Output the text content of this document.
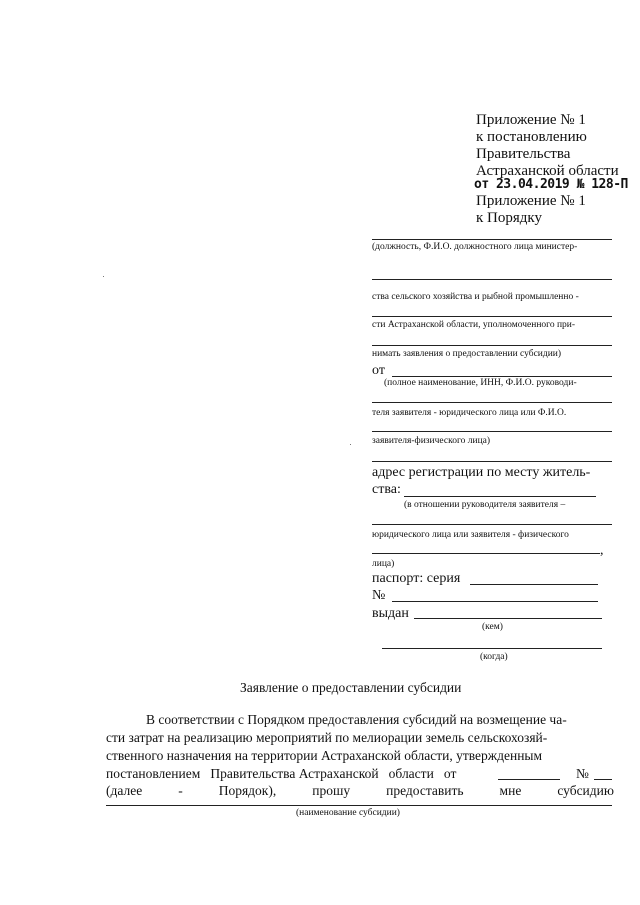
Приложение № 1
к постановлению
Правительства
Астраханской области
от 23.04.2019 № 128-П
Приложение № 1
к Порядку
(должность, Ф.И.О. должностного лица министер-
ства сельского хозяйства и рыбной промышленно -
сти Астраханской области, уполномоченного при-
нимать заявления о предоставлении субсидии)
от
(полное наименование, ИНН, Ф.И.О. руководи-
теля заявителя - юридического лица или Ф.И.О.
заявителя-физического лица)
адрес регистрации по месту житель-
ства:
(в отношении руководителя заявителя –
юридического лица или заявителя - физического
,
лица)
паспорт: серия
№
выдан
(кем)
(когда)
Заявление о предоставлении субсидии
В соответствии с Порядком предоставления субсидий на возмещение ча-
сти затрат на реализацию мероприятий по мелиорации земель сельскохозяй-
ственного назначения на территории Астраханской области, утвержденным
постановлением   Правительства Астраханской   области   от	№
(далее	-	Порядок),	прошу	предоставить	мне	субсидию
(наименование субсидии)
